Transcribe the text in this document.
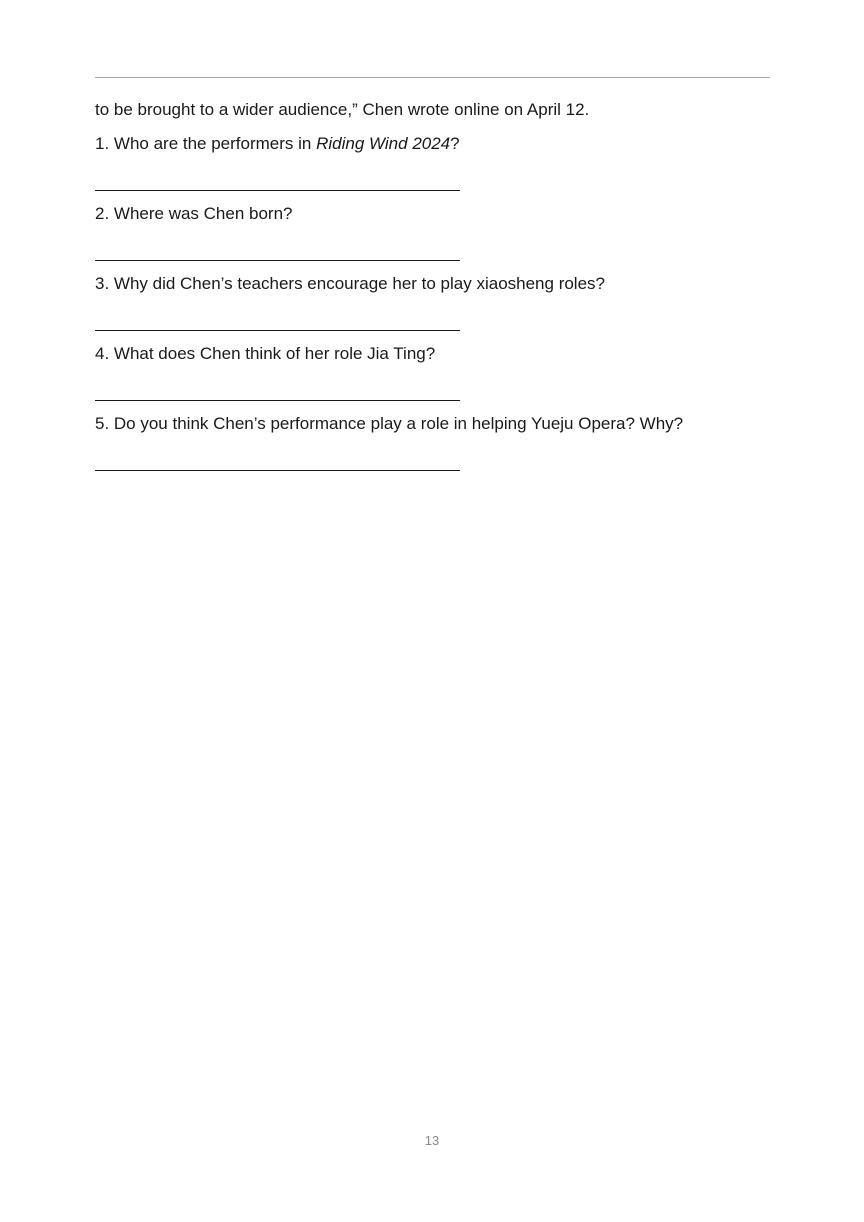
to be brought to a wider audience,” Chen wrote online on April 12.

1. Who are the performers in Riding Wind 2024?

2. Where was Chen born?

3. Why did Chen’s teachers encourage her to play xiaosheng roles?

4. What does Chen think of her role Jia Ting?

5. Do you think Chen’s performance play a role in helping Yueju Opera? Why?

13
